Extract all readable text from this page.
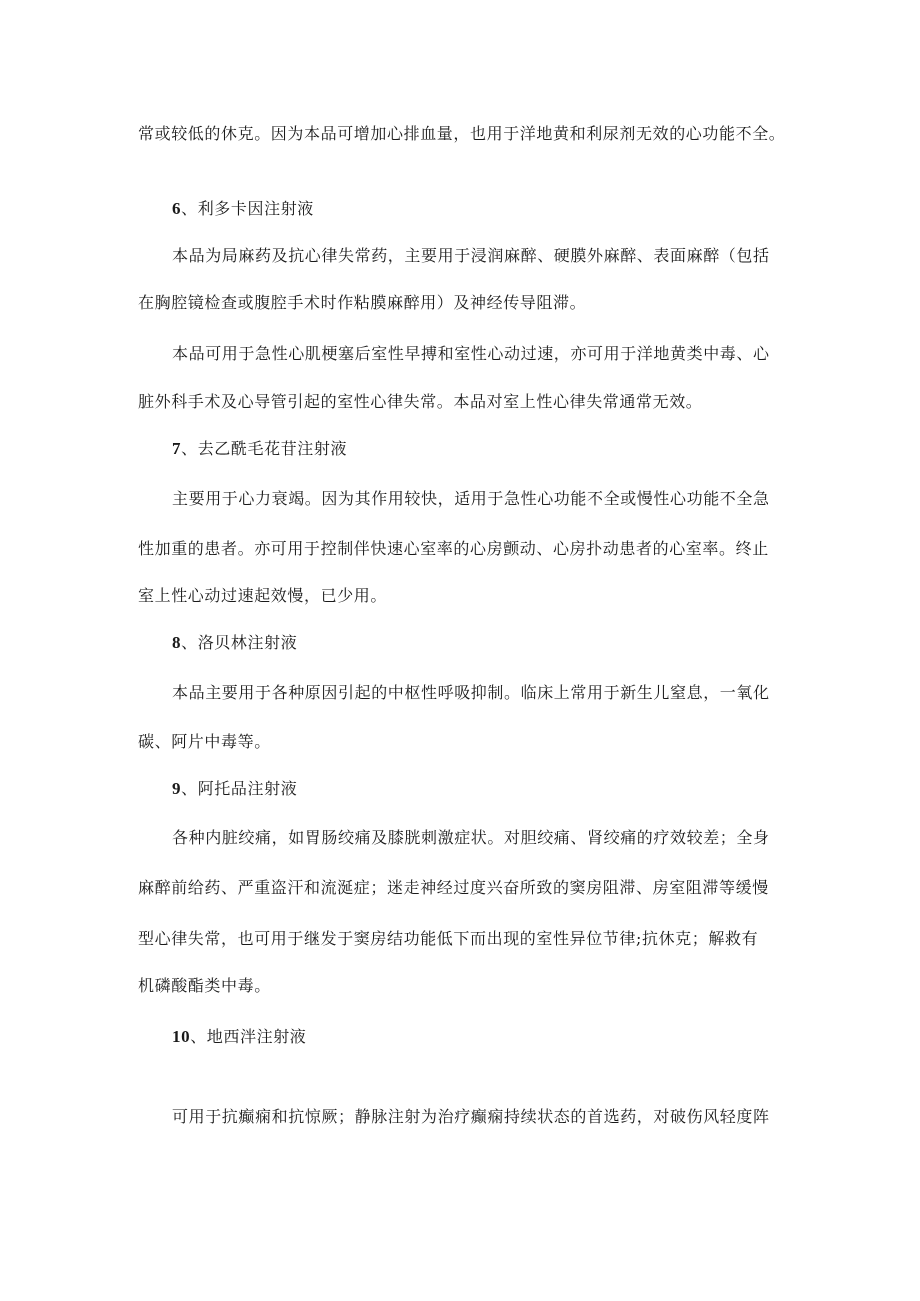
常或较低的休克。因为本品可增加心排血量，也用于洋地黄和利尿剂无效的心功能不全。
6、利多卡因注射液
本品为局麻药及抗心律失常药，主要用于浸润麻醉、硬膜外麻醉、表面麻醉（包括
在胸腔镜检查或腹腔手术时作粘膜麻醉用）及神经传导阻滞。
本品可用于急性心肌梗塞后室性早搏和室性心动过速，亦可用于洋地黄类中毒、心
脏外科手术及心导管引起的室性心律失常。本品对室上性心律失常通常无效。
7、去乙酰毛花苷注射液
主要用于心力衰竭。因为其作用较快，适用于急性心功能不全或慢性心功能不全急
性加重的患者。亦可用于控制伴快速心室率的心房颤动、心房扑动患者的心室率。终止
室上性心动过速起效慢，已少用。
8、洛贝林注射液
本品主要用于各种原因引起的中枢性呼吸抑制。临床上常用于新生儿窒息，一氧化
碳、阿片中毒等。
9、阿托品注射液
各种内脏绞痛，如胃肠绞痛及膝胱刺激症状。对胆绞痛、肾绞痛的疗效较差；全身
麻醉前给药、严重盗汗和流涎症；迷走神经过度兴奋所致的窦房阻滞、房室阻滞等缓慢
型心律失常，也可用于继发于窦房结功能低下而出现的室性异位节律;抗休克；解救有
机磷酸酯类中毒。
10、地西泮注射液
可用于抗癫痫和抗惊厥；静脉注射为治疗癫痫持续状态的首选药，对破伤风轻度阵
